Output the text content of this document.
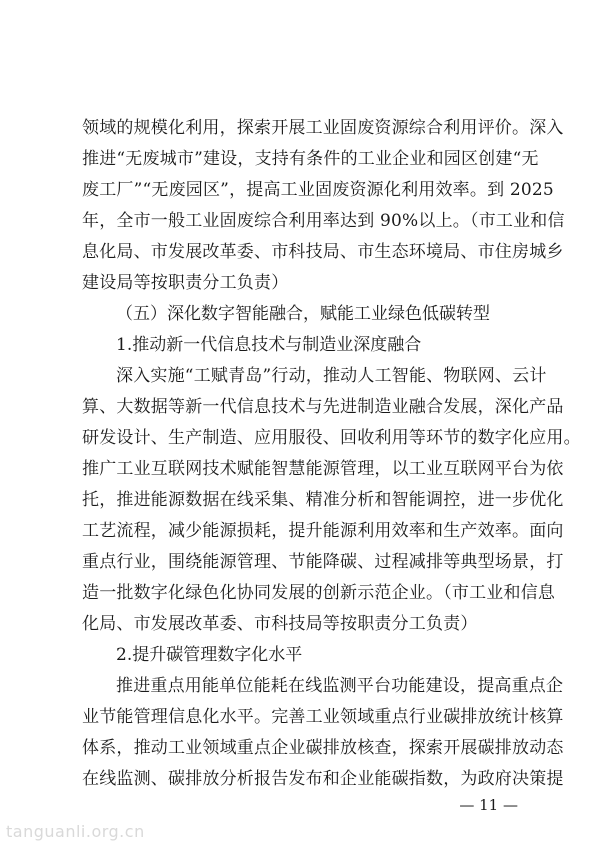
领域的规模化利用，探索开展工业固废资源综合利用评价。深入
推进“无废城市”建设，支持有条件的工业企业和园区创建“无
废工厂”“无废园区”，提高工业固废资源化利用效率。到 2025
年，全市一般工业固废综合利用率达到 90%以上。（市工业和信
息化局、市发展改革委、市科技局、市生态环境局、市住房城乡
建设局等按职责分工负责）
（五）深化数字智能融合，赋能工业绿色低碳转型
1.推动新一代信息技术与制造业深度融合
深入实施“工赋青岛”行动，推动人工智能、物联网、云计
算、大数据等新一代信息技术与先进制造业融合发展，深化产品
研发设计、生产制造、应用服役、回收利用等环节的数字化应用。
推广工业互联网技术赋能智慧能源管理，以工业互联网平台为依
托，推进能源数据在线采集、精准分析和智能调控，进一步优化
工艺流程，减少能源损耗，提升能源利用效率和生产效率。面向
重点行业，围绕能源管理、节能降碳、过程减排等典型场景，打
造一批数字化绿色化协同发展的创新示范企业。（市工业和信息
化局、市发展改革委、市科技局等按职责分工负责）
2.提升碳管理数字化水平
推进重点用能单位能耗在线监测平台功能建设，提高重点企
业节能管理信息化水平。完善工业领域重点行业碳排放统计核算
体系，推动工业领域重点企业碳排放核查，探索开展碳排放动态
在线监测、碳排放分析报告发布和企业能碳指数，为政府决策提
— 11 —
tanguanli.org.cn
